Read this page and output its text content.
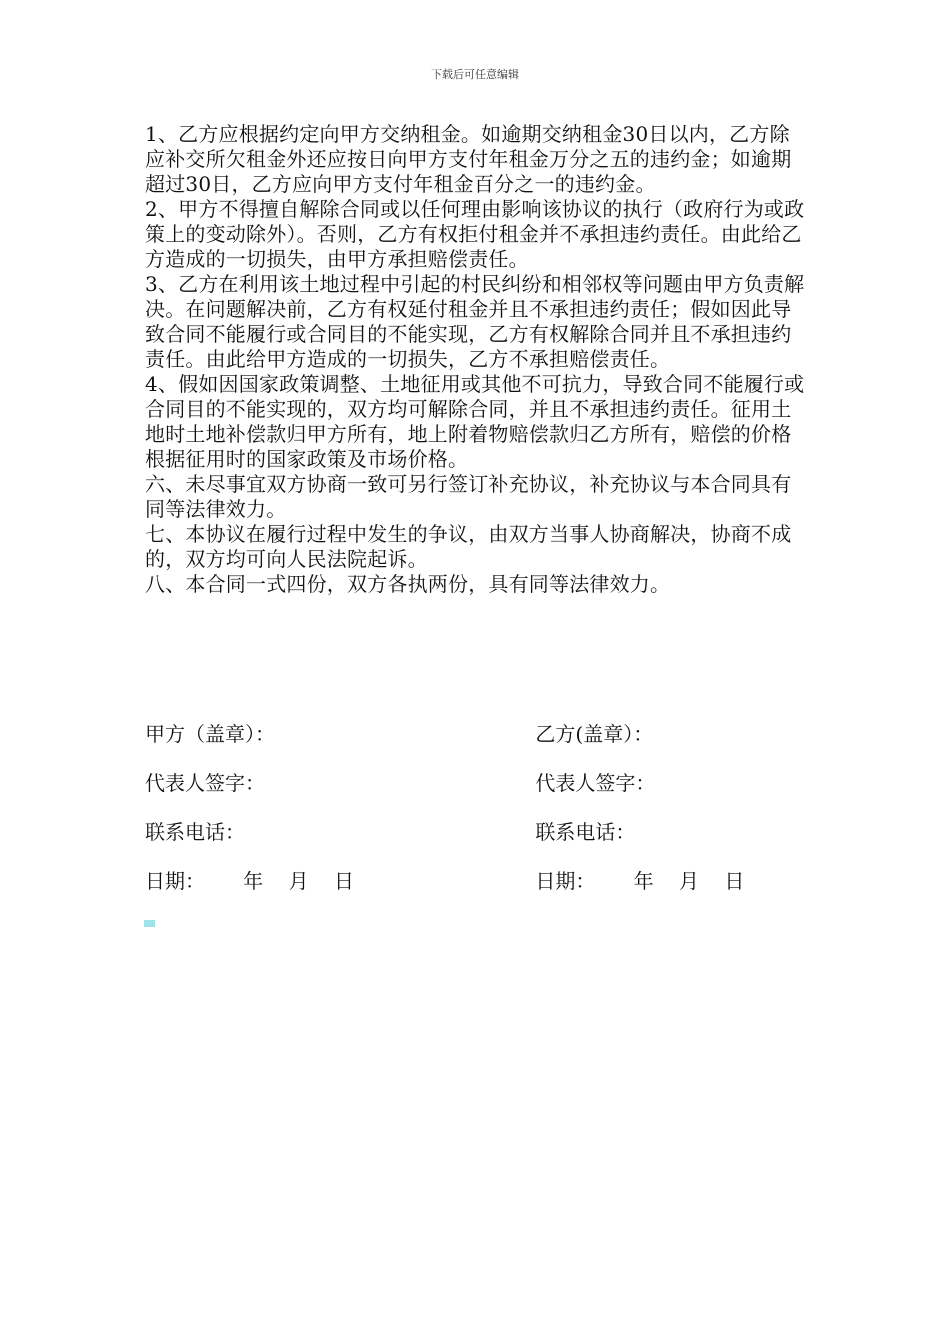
下载后可任意编辑

1、乙方应根据约定向甲方交纳租金。如逾期交纳租金30日以内，乙方除应补交所欠租金外还应按日向甲方支付年租金万分之五的违约金；如逾期超过30日，乙方应向甲方支付年租金百分之一的违约金。

2、甲方不得擅自解除合同或以任何理由影响该协议的执行（政府行为或政策上的变动除外）。否则，乙方有权拒付租金并不承担违约责任。由此给乙方造成的一切损失，由甲方承担赔偿责任。

3、乙方在利用该土地过程中引起的村民纠纷和相邻权等问题由甲方负责解决。在问题解决前，乙方有权延付租金并且不承担违约责任；假如因此导致合同不能履行或合同目的不能实现，乙方有权解除合同并且不承担违约责任。由此给甲方造成的一切损失，乙方不承担赔偿责任。

4、假如因国家政策调整、土地征用或其他不可抗力，导致合同不能履行或合同目的不能实现的，双方均可解除合同，并且不承担违约责任。征用土地时土地补偿款归甲方所有，地上附着物赔偿款归乙方所有，赔偿的价格根据征用时的国家政策及市场价格。

六、未尽事宜双方协商一致可另行签订补充协议，补充协议与本合同具有同等法律效力。

七、本协议在履行过程中发生的争议，由双方当事人协商解决，协商不成的，双方均可向人民法院起诉。

八、本合同一式四份，双方各执两份，具有同等法律效力。

甲方（盖章）：	乙方(盖章）：
代表人签字：	代表人签字：
联系电话：	联系电话：
日期：      年    月    日	日期：      年    月    日
